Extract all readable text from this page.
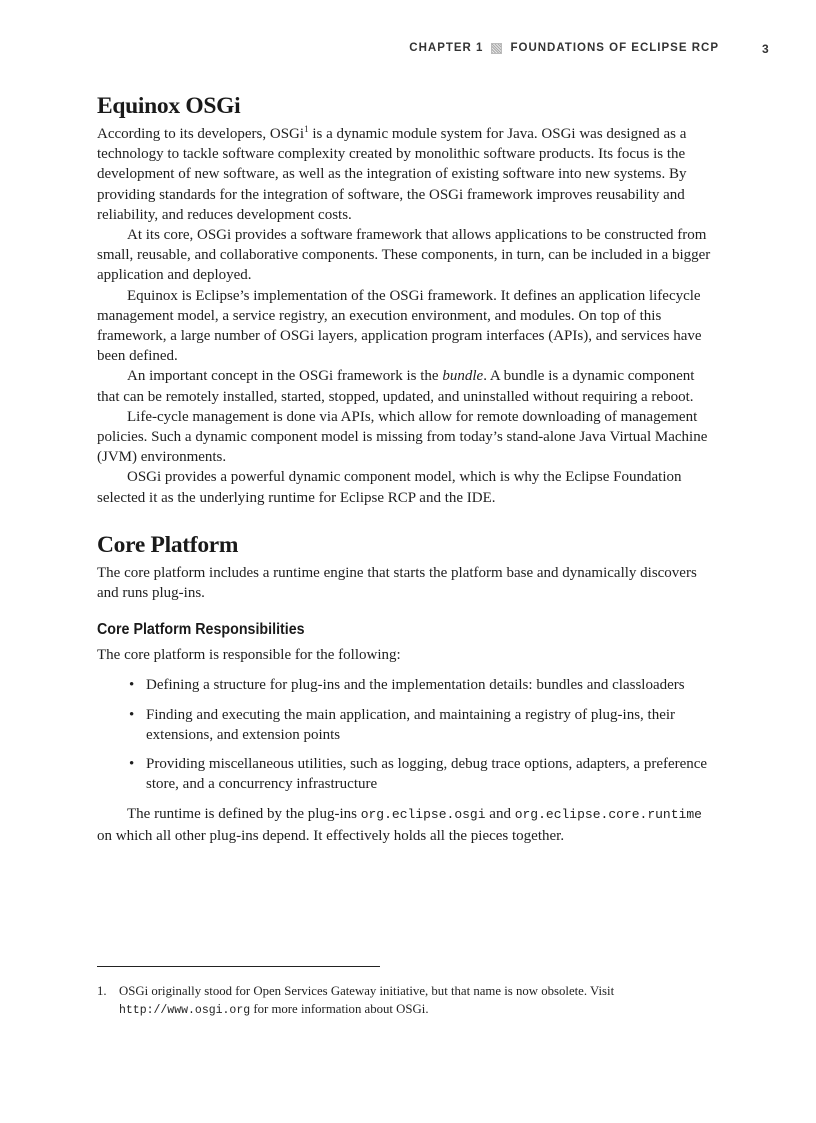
CHAPTER 1 FOUNDATIONS OF ECLIPSE RCP	3
Equinox OSGi

According to its developers, OSGi$^1$ is a dynamic module system for Java. OSGi was designed as a technology to tackle software complexity created by monolithic software products. Its focus is the development of new software, as well as the integration of existing software into new systems. By providing standards for the integration of software, the OSGi framework improves reusability and reliability, and reduces development costs.

At its core, OSGi provides a software framework that allows applications to be constructed from small, reusable, and collaborative components. These components, in turn, can be included in a bigger application and deployed.

Equinox is Eclipse’s implementation of the OSGi framework. It defines an application lifecycle management model, a service registry, an execution environment, and modules. On top of this framework, a large number of OSGi layers, application program interfaces (APIs), and services have been defined.

An important concept in the OSGi framework is the bundle. A bundle is a dynamic component that can be remotely installed, started, stopped, updated, and uninstalled without requiring a reboot.

Life-cycle management is done via APIs, which allow for remote downloading of management policies. Such a dynamic component model is missing from today’s stand-alone Java Virtual Machine (JVM) environments.

OSGi provides a powerful dynamic component model, which is why the Eclipse Foundation selected it as the underlying runtime for Eclipse RCP and the IDE.

Core Platform

The core platform includes a runtime engine that starts the platform base and dynamically discovers and runs plug-ins.

Core Platform Responsibilities

The core platform is responsible for the following:

• Defining a structure for plug-ins and the implementation details: bundles and classloaders
• Finding and executing the main application, and maintaining a registry of plug-ins, their extensions, and extension points
• Providing miscellaneous utilities, such as logging, debug trace options, adapters, a preference store, and a concurrency infrastructure

The runtime is defined by the plug-ins org.eclipse.osgi and org.eclipse.core.runtime on which all other plug-ins depend. It effectively holds all the pieces together.

1. OSGi originally stood for Open Services Gateway initiative, but that name is now obsolete. Visit http://www.osgi.org for more information about OSGi.
